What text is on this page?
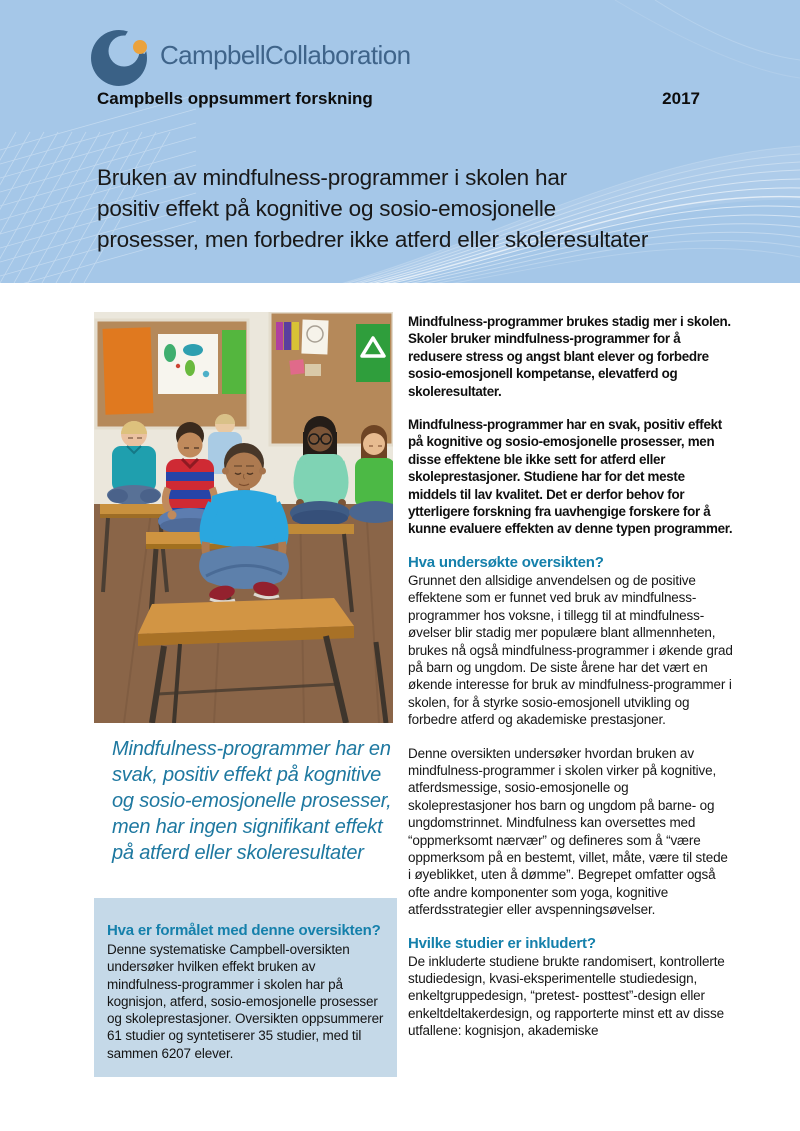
CampbellCollaboration
Campbells oppsummert forskning	2017
Bruken av mindfulness-programmer i skolen har
positiv effekt på kognitive og sosio-emosjonelle
prosesser, men forbedrer ikke atferd eller skoleresultater
Mindfulness-programmer har en svak, positiv effekt på kognitive og sosio-emosjonelle prosesser, men har ingen signifikant effekt på atferd eller skoleresultater
Hva er formålet med denne oversikten?

Denne systematiske Campbell-oversikten undersøker hvilken effekt bruken av mindfulness-programmer i skolen har på kognisjon, atferd, sosio-emosjonelle prosesser og skoleprestasjoner. Oversikten oppsummerer 61 studier og syntetiserer 35 studier, med til sammen 6207 elever.

Mindfulness-programmer brukes stadig mer i skolen. Skoler bruker mindfulness-programmer for å redusere stress og angst blant elever og forbedre sosio-emosjonell kompetanse, elevatferd og skoleresultater.

Mindfulness-programmer har en svak, positiv effekt på kognitive og sosio-emosjonelle prosesser, men disse effektene ble ikke sett for atferd eller skoleprestasjoner. Studiene har for det meste middels til lav kvalitet. Det er derfor behov for ytterligere forskning fra uavhengige forskere for å kunne evaluere effekten av denne typen programmer.

Hva undersøkte oversikten?

Grunnet den allsidige anvendelsen og de positive effektene som er funnet ved bruk av mindfulness-programmer hos voksne, i tillegg til at mindfulness-øvelser blir stadig mer populære blant allmennheten, brukes nå også mindfulness-programmer i økende grad på barn og ungdom. De siste årene har det vært en økende interesse for bruk av mindfulness-programmer i skolen, for å styrke sosio-emosjonell utvikling og forbedre atferd og akademiske prestasjoner.

Denne oversikten undersøker hvordan bruken av mindfulness-programmer i skolen virker på kognitive, atferdsmessige, sosio-emosjonelle og skoleprestasjoner hos barn og ungdom på barne- og ungdomstrinnet. Mindfulness kan oversettes med “oppmerksomt nærvær” og defineres som å “være oppmerksom på en bestemt, villet, måte, være til stede i øyeblikket, uten å dømme”. Begrepet omfatter også ofte andre komponenter som yoga, kognitive atferdsstrategier eller avspenningsøvelser.

Hvilke studier er inkludert?

De inkluderte studiene brukte randomisert, kontrollerte studiedesign, kvasi-eksperimentelle studiedesign, enkeltgruppedesign, “pretest- posttest”-design eller enkeltdeltakerdesign, og rapporterte minst ett av disse utfallene: kognisjon, akademiske
